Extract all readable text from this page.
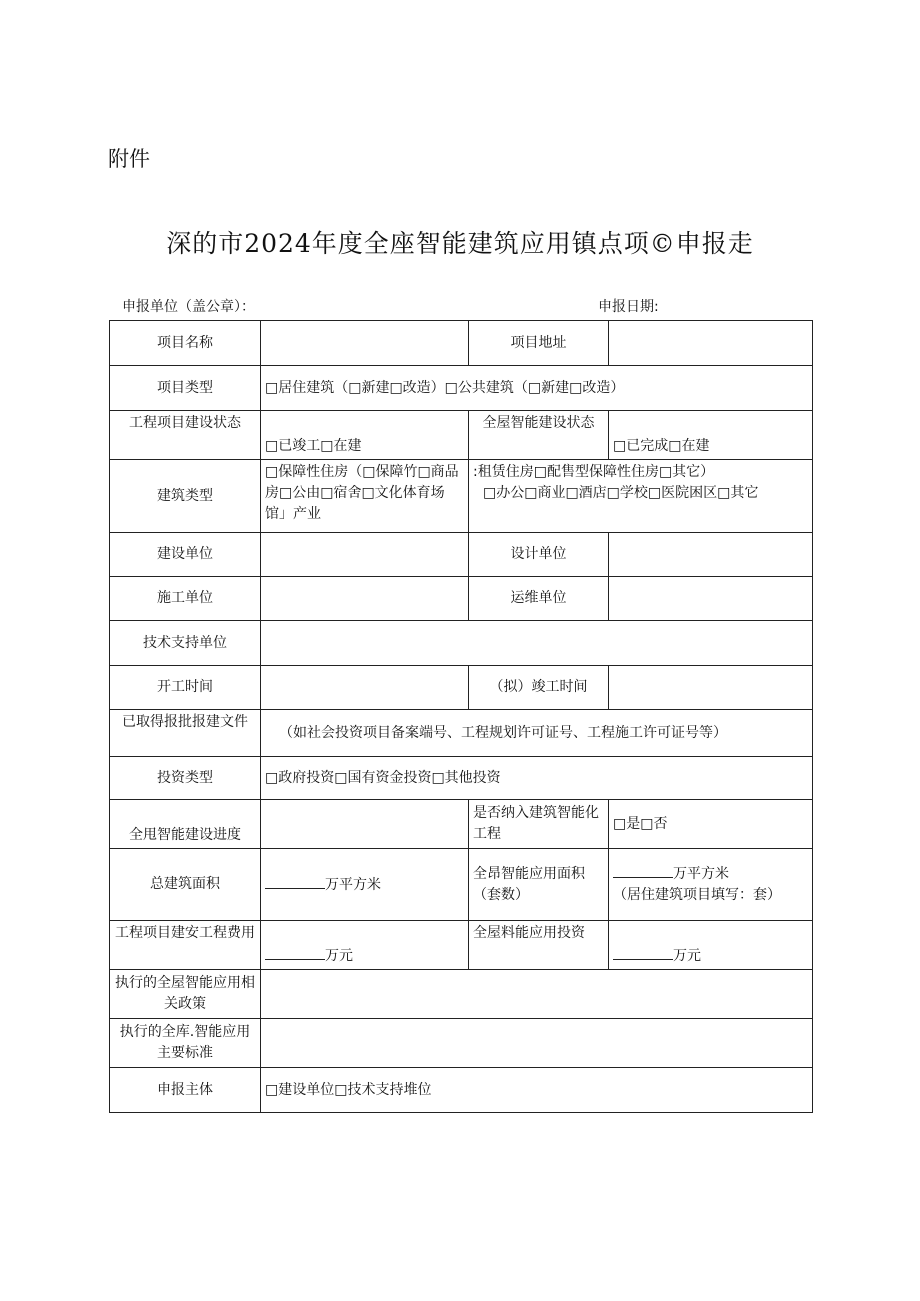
附件
深的市2024年度全座智能建筑应用镇点项©申报走
申报单位（盖公章）：	申报日期:
项目名称		项目地址	
项目类型	□居住建筑（□新建□改造）□公共建筑（□新建□改造）		
工程项目建设状态	□已竣工□在建	全屋智能建设状态	□已完成□在建
建筑类型	□保障性住房（□保障竹□商品房□公由□宿舍□文化体育场馆」产业	:租赁住房□配售型保障性住房□其它）
□办公□商业□酒店□学校□医院困区□其它	

建设单位		设计单位	
施工单位		运维单位	
技术支持单位			
开工时间		（拟）竣工时间	
已取得报批报建文件	（如社会投资项目备案端号、工程规划许可证号、工程施工许可证号等）		
投资类型	□政府投资□国有资金投资□其他投资		
全甩智能建设进度		是否纳入建筑智能化工程	□是□否
总建筑面积	万平方米	全昂智能应用面积（套数）	万平方米
（居住建筑项目填写：套）

工程项目建安工程费用	万元	全屋料能应用投资	万元
执行的全屋智能应用相关政策			
执行的全库.智能应用主要标准			
申报主体	□建设单位□技术支持堆位		
